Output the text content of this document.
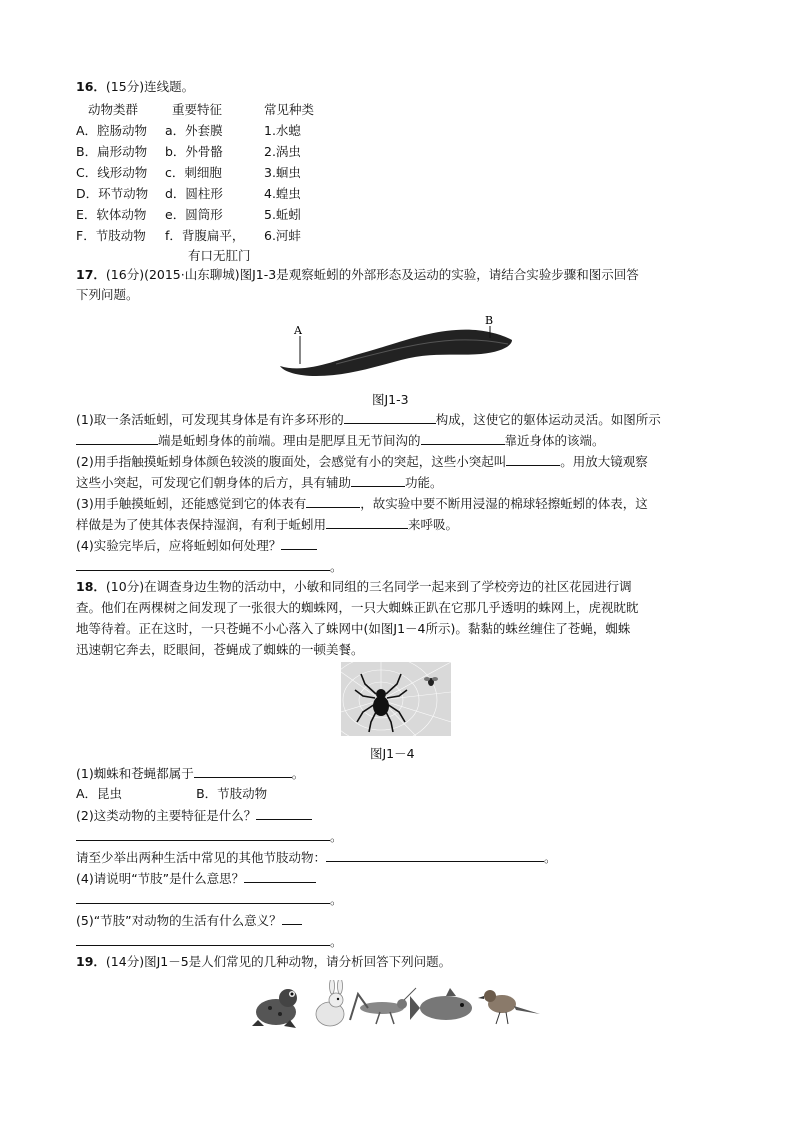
16．(15分)连线题。
动物类群	重要特征	常见种类
A．腔肠动物 a．外套膜	1.水螅
B．扁形动物 b．外骨骼	2.涡虫
C．线形动物 c．刺细胞	3.蛔虫
D．环节动物 d．圆柱形	4.蝗虫
E．软体动物 e．圆筒形	5.蚯蚓
F．节肢动物 f．背腹扁平， 6.河蚌
有口无肛门
17．(16分)(2015·山东聊城)图J1-3是观察蚯蚓的外部形态及运动的实验，请结合实验步骤和图示回答
下列问题。
A
B
图J1-3
(1)取一条活蚯蚓，可发现其身体是有许多环形的	构成，这使它的躯体运动灵活。如图所示
端是蚯蚓身体的前端。理由是肥厚且无节间沟的	靠近身体的该端。
(2)用手指触摸蚯蚓身体颜色较淡的腹面处，会感觉有小的突起，这些小突起叫	。用放大镜观察
这些小突起，可发现它们朝身体的后方，具有辅助	功能。
(3)用手触摸蚯蚓，还能感觉到它的体表有	，故实验中要不断用浸湿的棉球轻擦蚯蚓的体表，这
样做是为了使其体表保持湿润，有利于蚯蚓用	来呼吸。
(4)实验完毕后，应将蚯蚓如何处理？
。
18．(10分)在调查身边生物的活动中，小敏和同组的三名同学一起来到了学校旁边的社区花园进行调
查。他们在两棵树之间发现了一张很大的蜘蛛网，一只大蜘蛛正趴在它那几乎透明的蛛网上，虎视眈眈
地等待着。正在这时，一只苍蝇不小心落入了蛛网中(如图J1－4所示)。黏黏的蛛丝缠住了苍蝇，蜘蛛
迅速朝它奔去，眨眼间，苍蝇成了蜘蛛的一顿美餐。
图J1－4
(1)蜘蛛和苍蝇都属于	。
A．昆虫	B．节肢动物
(2)这类动物的主要特征是什么？
。
请至少举出两种生活中常见的其他节肢动物：	。
(4)请说明“节肢”是什么意思？
。
(5)“节肢”对动物的生活有什么意义？
。
19．(14分)图J1－5是人们常见的几种动物，请分析回答下列问题。
